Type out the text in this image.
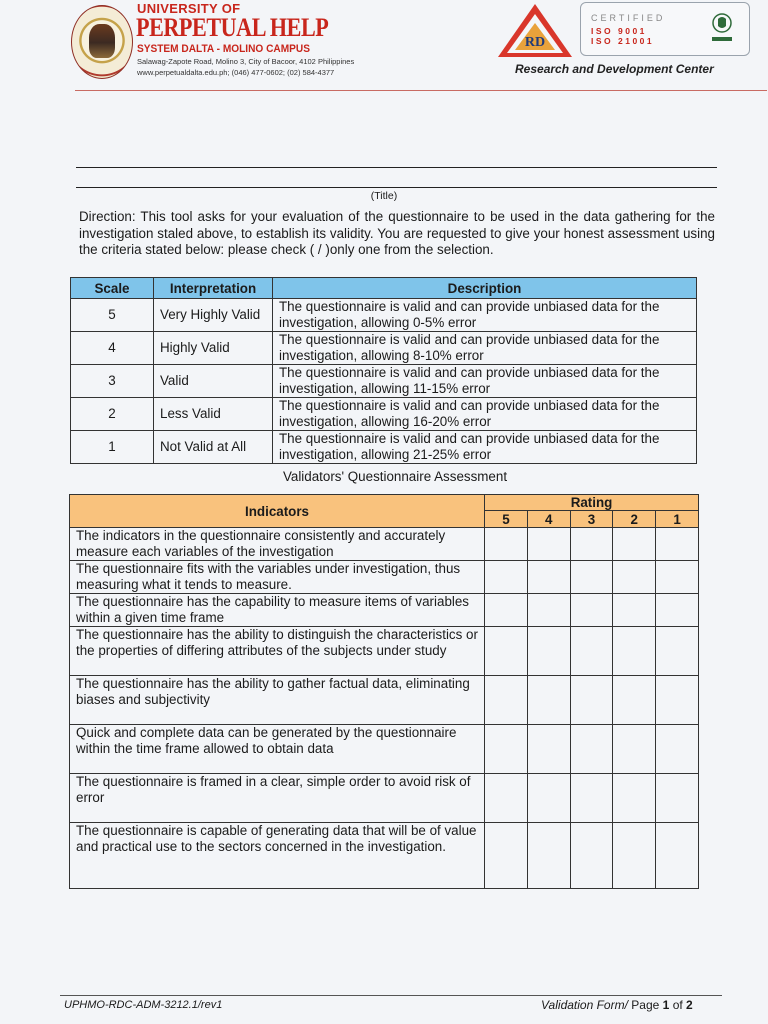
UNIVERSITY OF
PERPETUAL HELP
SYSTEM DALTA - MOLINO CAMPUS
Salawag-Zapote Road, Molino 3, City of Bacoor, 4102 Philippines
www.perpetualdalta.edu.ph; (046) 477-0602; (02) 584-4377
RD
CERTIFIED
ISO 9001
ISO 21001
Research and Development Center
(Title)
Direction: This tool asks for your evaluation of the questionnaire to be used in the data gathering for the investigation staled above, to establish its validity. You are requested to give your honest assessment using the criteria stated below: please check ( / )only one from the selection.
Scale	Interpretation	Description
5	Very Highly Valid	The questionnaire is valid and can provide unbiased data for the investigation, allowing 0-5% error
4	Highly Valid	The questionnaire is valid and can provide unbiased data for the investigation, allowing 8-10% error
3	Valid	The questionnaire is valid and can provide unbiased data for the investigation, allowing 11-15% error
2	Less Valid	The questionnaire is valid and can provide unbiased data for the investigation, allowing 16-20% error
1	Not Valid at All	The questionnaire is valid and can provide unbiased data for the investigation, allowing 21-25% error
Validators' Questionnaire Assessment
Indicators	Rating				
	5	4	3	2	1
The indicators in the questionnaire consistently and accurately measure each variables of the investigation					
The questionnaire fits with the variables under investigation, thus measuring what it tends to measure.					
The questionnaire has the capability to measure items of variables within a given time frame					
The questionnaire has the ability to distinguish the characteristics or the properties of differing attributes of the subjects under study					
The questionnaire has the ability to gather factual data, eliminating biases and subjectivity					
Quick and complete data can be generated by the questionnaire within the time frame allowed to obtain data					
The questionnaire is framed in a clear, simple order to avoid risk of error					
The questionnaire is capable of generating data that will be of value and practical use to the sectors concerned in the investigation.					
UPHMO-RDC-ADM-3212.1/rev1	Validation Form/ Page 1 of 2
